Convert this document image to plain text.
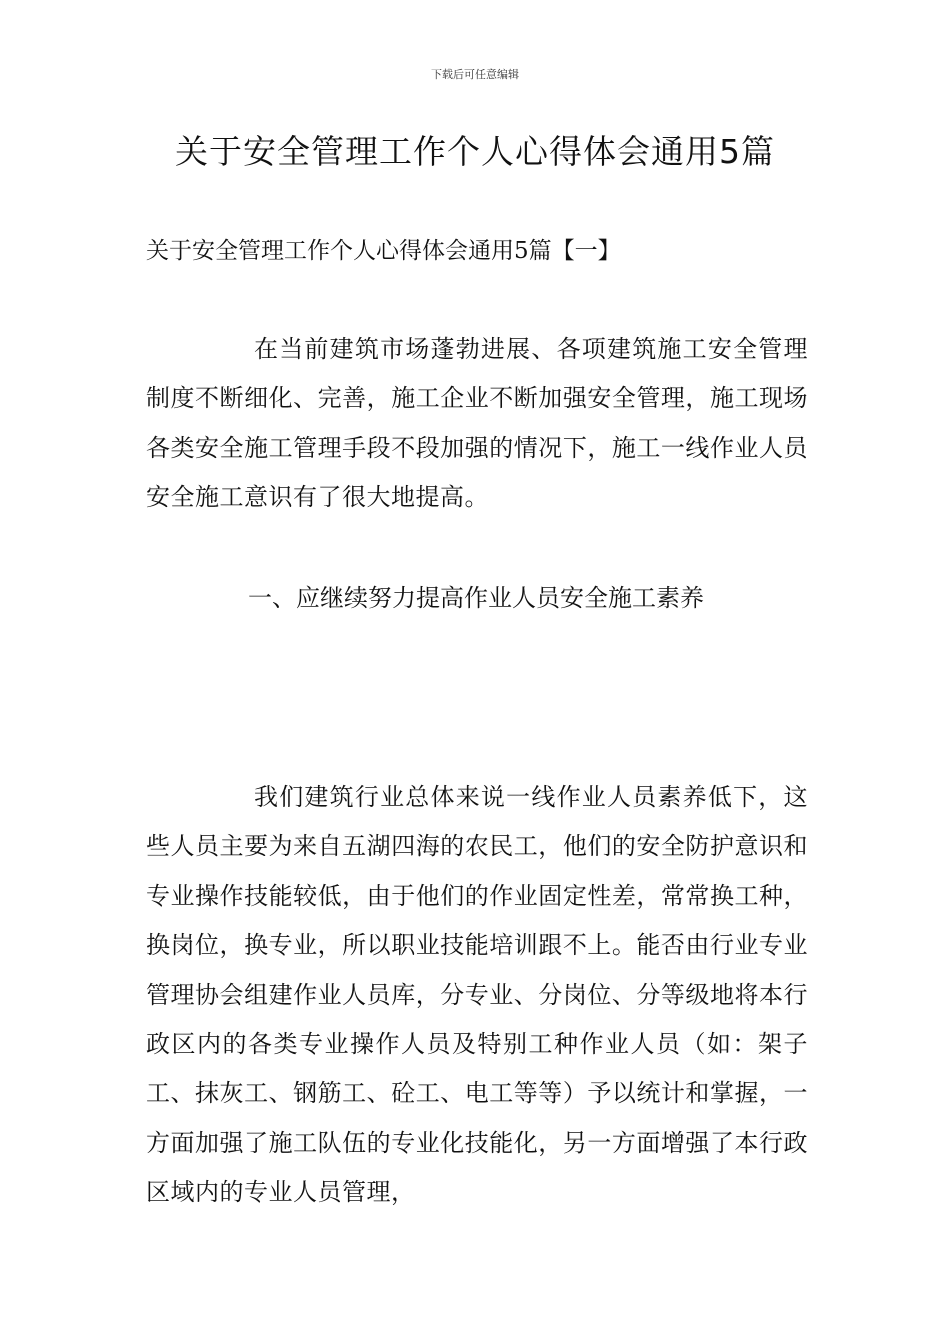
下载后可任意编辑
关于安全管理工作个人心得体会通用5篇
关于安全管理工作个人心得体会通用5篇【一】

在当前建筑市场蓬勃进展、各项建筑施工安全管理制度不断细化、完善，施工企业不断加强安全管理，施工现场各类安全施工管理手段不段加强的情况下，施工一线作业人员安全施工意识有了很大地提高。

一、应继续努力提高作业人员安全施工素养

我们建筑行业总体来说一线作业人员素养低下，这些人员主要为来自五湖四海的农民工，他们的安全防护意识和专业操作技能较低，由于他们的作业固定性差，常常换工种，换岗位，换专业，所以职业技能培训跟不上。能否由行业专业管理协会组建作业人员库，分专业、分岗位、分等级地将本行政区内的各类专业操作人员及特别工种作业人员（如：架子工、抹灰工、钢筋工、砼工、电工等等）予以统计和掌握，一方面加强了施工队伍的专业化技能化，另一方面增强了本行政区域内的专业人员管理，
